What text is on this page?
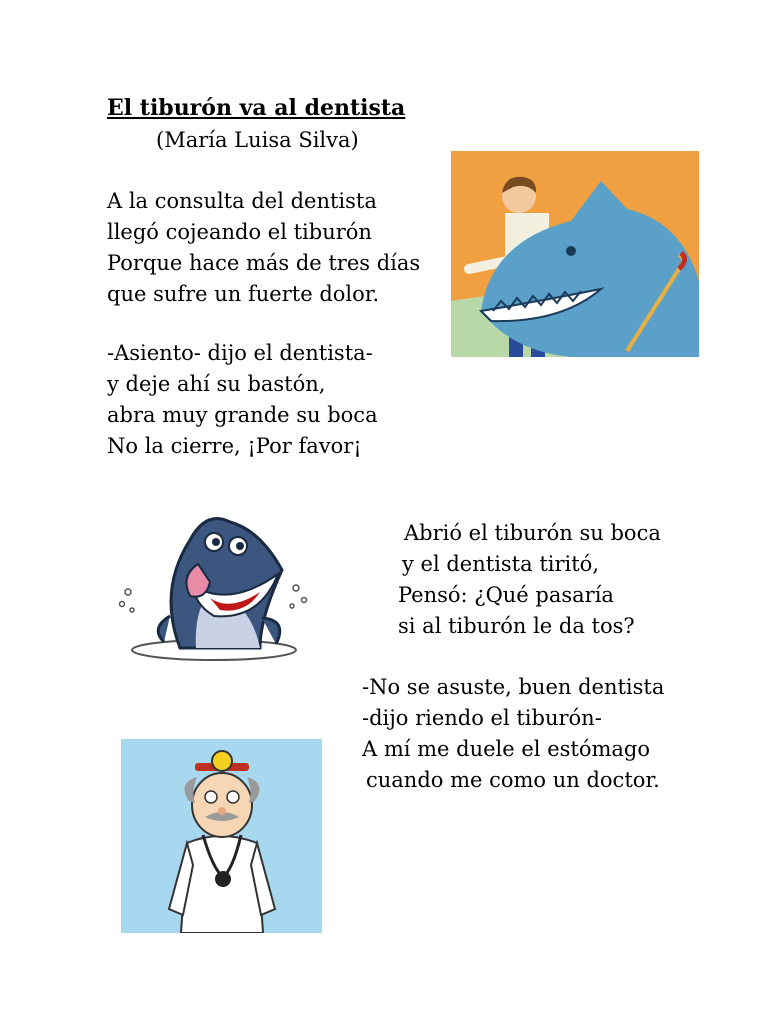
El tiburón va al dentista
(María Luisa Silva)
A la consulta del dentista
llegó cojeando el tiburón
Porque hace más de tres días
que sufre un fuerte dolor.
-Asiento- dijo el dentista-
y deje ahí su bastón,
abra muy grande su boca
No la cierre, ¡Por favor¡
Abrió el tiburón su boca
y el dentista tiritó,
Pensó: ¿Qué pasaría
si al tiburón le da tos?
-No se asuste, buen dentista
-dijo riendo el tiburón-
A mí me duele el estómago
cuando me como un doctor.
